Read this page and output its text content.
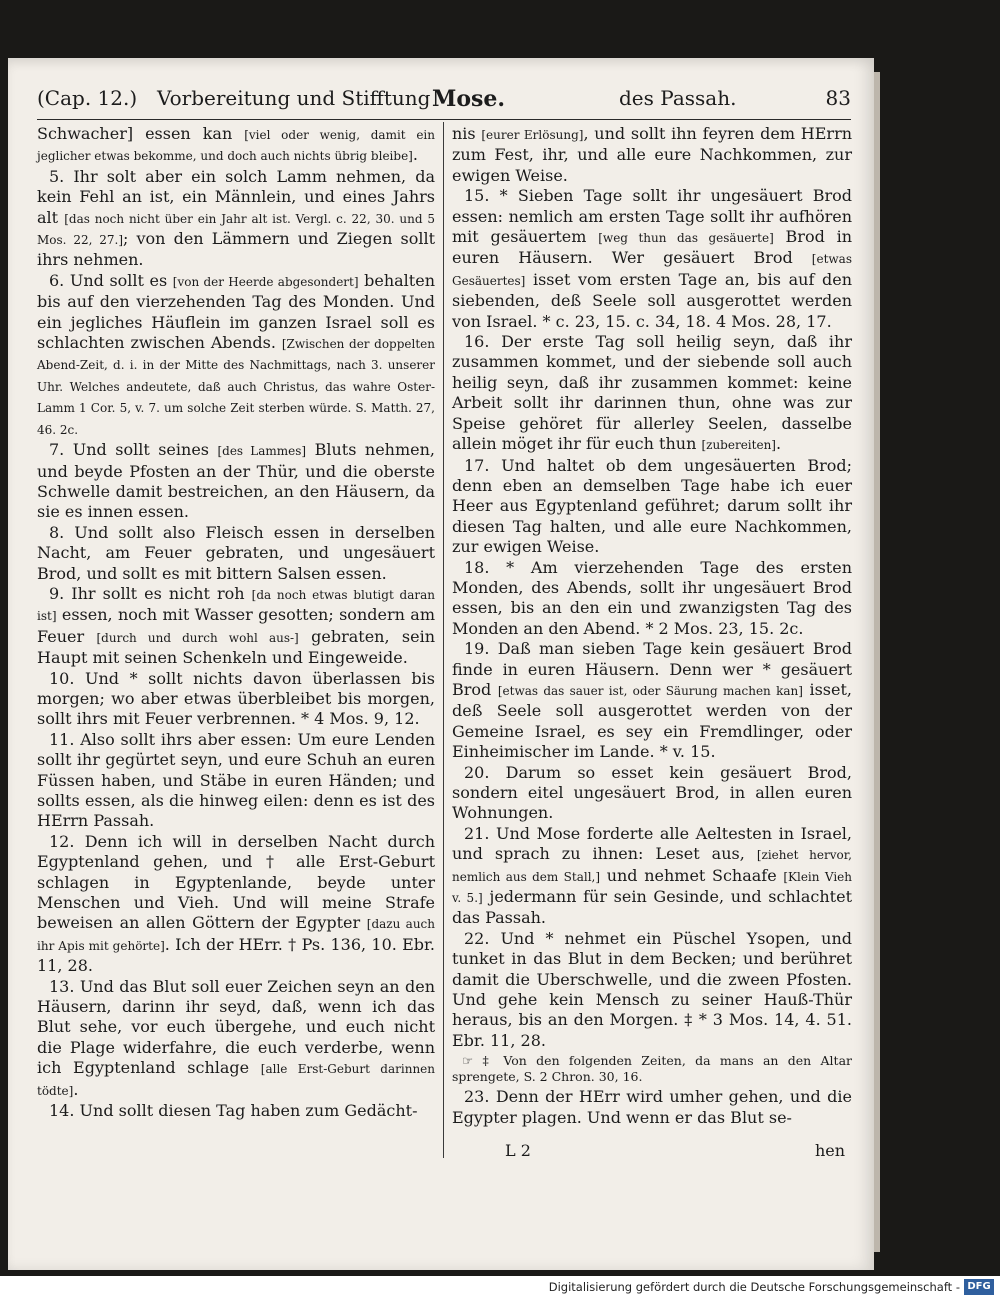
(Cap. 12.) Vorbereitung und Stifftung Mose.	des Passah.	83

Schwacher] essen kan [viel oder wenig, damit ein jeglicher etwas bekomme, und doch auch nichts übrig bleibe].

5. Ihr solt aber ein solch Lamm nehmen, da kein Fehl an ist, ein Männlein, und eines Jahrs alt [das noch nicht über ein Jahr alt ist. Vergl. c. 22, 30. und 5 Mos. 22, 27.]; von den Lämmern und Ziegen sollt ihrs nehmen.

6. Und sollt es [von der Heerde abgesondert] behalten bis auf den vierzehenden Tag des Monden. Und ein jegliches Häuflein im ganzen Israel soll es schlachten zwischen Abends. [Zwischen der doppelten Abend-Zeit, d. i. in der Mitte des Nachmittags, nach 3. unserer Uhr. Welches andeutete, daß auch Christus, das wahre Oster-Lamm 1 Cor. 5, v. 7. um solche Zeit sterben würde. S. Matth. 27, 46. 2c.

7. Und sollt seines [des Lammes] Bluts nehmen, und beyde Pfosten an der Thür, und die oberste Schwelle damit bestreichen, an den Häusern, da sie es innen essen.

8. Und sollt also Fleisch essen in derselben Nacht, am Feuer gebraten, und ungesäuert Brod, und sollt es mit bittern Salsen essen.

9. Ihr sollt es nicht roh [da noch etwas blutigt daran ist] essen, noch mit Wasser gesotten; sondern am Feuer [durch und durch wohl aus-] gebraten, sein Haupt mit seinen Schenkeln und Eingeweide.

10. Und * sollt nichts davon überlassen bis morgen; wo aber etwas überbleibet bis morgen, sollt ihrs mit Feuer verbrennen. * 4 Mos. 9, 12.

11. Also sollt ihrs aber essen: Um eure Lenden sollt ihr gegürtet seyn, und eure Schuh an euren Füssen haben, und Stäbe in euren Händen; und sollts essen, als die hinweg eilen: denn es ist des HErrn Passah.

12. Denn ich will in derselben Nacht durch Egyptenland gehen, und † alle Erst-Geburt schlagen in Egyptenlande, beyde unter Menschen und Vieh. Und will meine Strafe beweisen an allen Göttern der Egypter [dazu auch ihr Apis mit gehörte]. Ich der HErr. † Ps. 136, 10. Ebr. 11, 28.

13. Und das Blut soll euer Zeichen seyn an den Häusern, darinn ihr seyd, daß, wenn ich das Blut sehe, vor euch übergehe, und euch nicht die Plage widerfahre, die euch verderbe, wenn ich Egyptenland schlage [alle Erst-Geburt darinnen tödte].

14. Und sollt diesen Tag haben zum Gedächt-

nis [eurer Erlösung], und sollt ihn feyren dem HErrn zum Fest, ihr, und alle eure Nachkommen, zur ewigen Weise.

15. * Sieben Tage sollt ihr ungesäuert Brod essen: nemlich am ersten Tage sollt ihr aufhören mit gesäuertem [weg thun das gesäuerte] Brod in euren Häusern. Wer gesäuert Brod [etwas Gesäuertes] isset vom ersten Tage an, bis auf den siebenden, deß Seele soll ausgerottet werden von Israel. * c. 23, 15. c. 34, 18. 4 Mos. 28, 17.

16. Der erste Tag soll heilig seyn, daß ihr zusammen kommet, und der siebende soll auch heilig seyn, daß ihr zusammen kommet: keine Arbeit sollt ihr darinnen thun, ohne was zur Speise gehöret für allerley Seelen, dasselbe allein möget ihr für euch thun [zubereiten].

17. Und haltet ob dem ungesäuerten Brod; denn eben an demselben Tage habe ich euer Heer aus Egyptenland geführet; darum sollt ihr diesen Tag halten, und alle eure Nachkommen, zur ewigen Weise.

18. * Am vierzehenden Tage des ersten Monden, des Abends, sollt ihr ungesäuert Brod essen, bis an den ein und zwanzigsten Tag des Monden an den Abend. * 2 Mos. 23, 15. 2c.

19. Daß man sieben Tage kein gesäuert Brod finde in euren Häusern. Denn wer * gesäuert Brod [etwas das sauer ist, oder Säurung machen kan] isset, deß Seele soll ausgerottet werden von der Gemeine Israel, es sey ein Fremdlinger, oder Einheimischer im Lande. * v. 15.

20. Darum so esset kein gesäuert Brod, sondern eitel ungesäuert Brod, in allen euren Wohnungen.

21. Und Mose forderte alle Aeltesten in Israel, und sprach zu ihnen: Leset aus, [ziehet hervor, nemlich aus dem Stall,] und nehmet Schaafe [Klein Vieh v. 5.] jedermann für sein Gesinde, und schlachtet das Passah.

22. Und * nehmet ein Püschel Ysopen, und tunket in das Blut in dem Becken; und berühret damit die Uberschwelle, und die zween Pfosten. Und gehe kein Mensch zu seiner Hauß-Thür heraus, bis an den Morgen. ‡ * 3 Mos. 14, 4. 51. Ebr. 11, 28.

☞ ‡ Von den folgenden Zeiten, da mans an den Altar sprengete, S. 2 Chron. 30, 16.

23. Denn der HErr wird umher gehen, und die Egypter plagen. Und wenn er das Blut se-

L 2	hen
Digitalisierung gefördert durch die Deutsche Forschungsgemeinschaft - DFG
